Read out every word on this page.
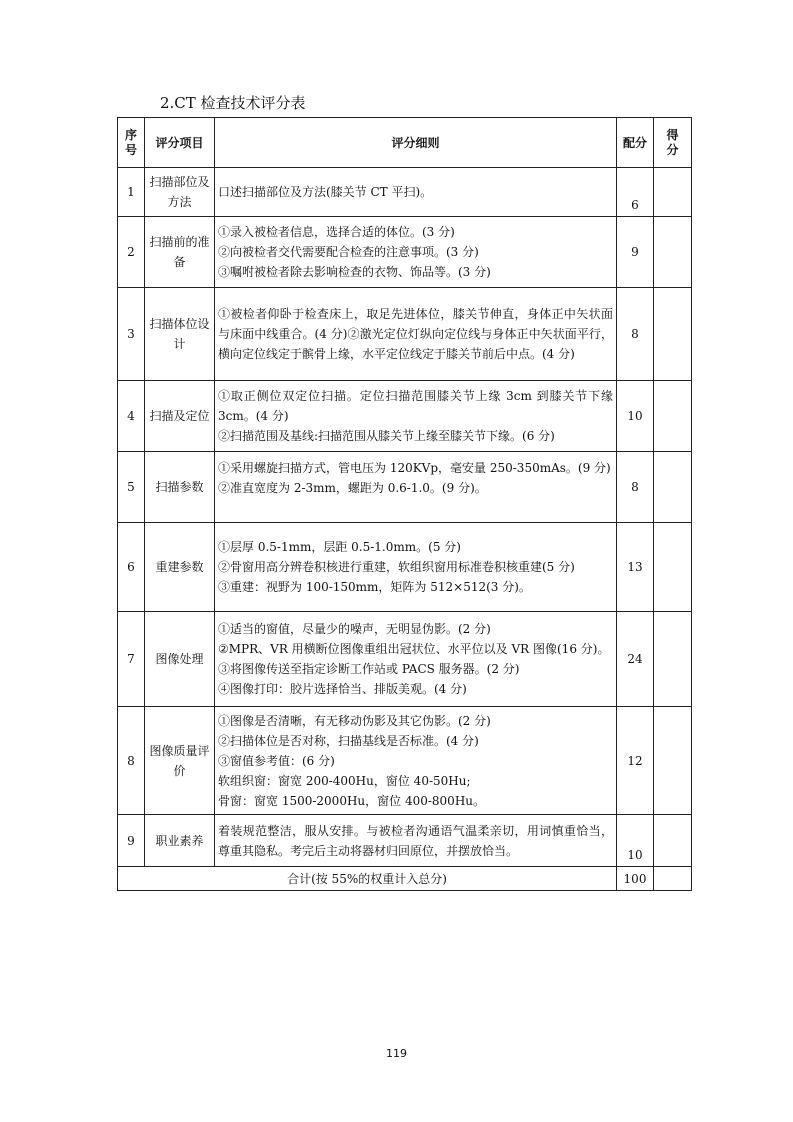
2.CT 检查技术评分表
序号	评分项目	评分细则	配分	得分
1	扫描部位及方法	口述扫描部位及方法(膝关节 CT 平扫)。	6	
2	扫描前的准备	①录入被检者信息，选择合适的体位。(3 分)
②向被检者交代需要配合检查的注意事项。(3 分)
③嘱咐被检者除去影响检查的衣物、饰品等。(3 分)	9	
3	扫描体位设计	①被检者仰卧于检查床上，取足先进体位，膝关节伸直，身体正中矢状面与床面中线重合。(4 分)②激光定位灯纵向定位线与身体正中矢状面平行，横向定位线定于髌骨上缘，水平定位线定于膝关节前后中点。(4 分)	8	
4	扫描及定位	①取正侧位双定位扫描。定位扫描范围膝关节上缘 3cm 到膝关节下缘 3cm。(4 分)
②扫描范围及基线:扫描范围从膝关节上缘至膝关节下缘。(6 分)	10	
5	扫描参数	①采用螺旋扫描方式，管电压为 120KVp，毫安量 250-350mAs。(9 分)
②准直宽度为 2-3mm，螺距为 0.6-1.0。(9 分)。	8	
6	重建参数	①层厚 0.5-1mm，层距 0.5-1.0mm。(5 分)
②骨窗用高分辨卷积核进行重建，软组织窗用标准卷积核重建(5 分)
③重建：视野为 100-150mm，矩阵为 512×512(3 分)。	13	
7	图像处理	①适当的窗值，尽量少的噪声，无明显伪影。(2 分)
②MPR、VR 用横断位图像重组出冠状位、水平位以及 VR 图像(16 分)。
③将图像传送至指定诊断工作站或 PACS 服务器。(2 分)
④图像打印：胶片选择恰当、排版美观。(4 分)	24	
8	图像质量评价	①图像是否清晰，有无移动伪影及其它伪影。(2 分)
②扫描体位是否对称，扫描基线是否标准。(4 分)
③窗值参考值：(6 分)
软组织窗：窗宽 200-400Hu，窗位 40-50Hu;
骨窗：窗宽 1500-2000Hu，窗位 400-800Hu。	12	
9	职业素养	着装规范整洁，服从安排。与被检者沟通语气温柔亲切，用词慎重恰当，尊重其隐私。考完后主动将器材归回原位，并摆放恰当。	10	
合计(按 55%的权重计入总分)			100	
119
